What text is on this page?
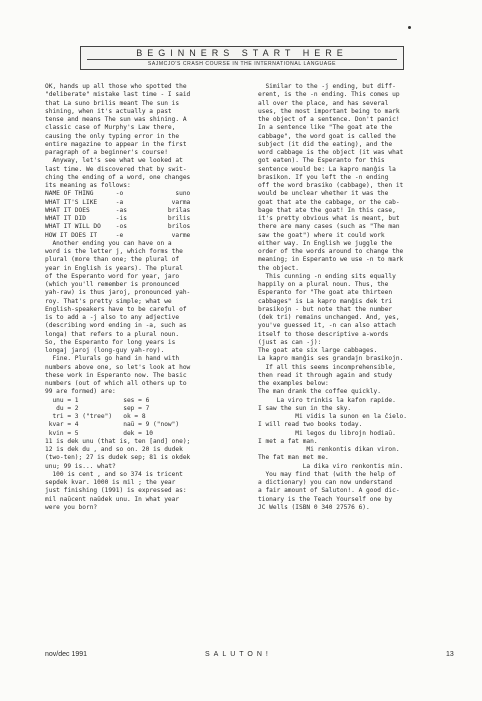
BEGINNERS START HERE
SAJMCJO'S CRASH COURSE IN THE INTERNATIONAL LANGUAGE
OK, hands up all those who spotted the
"deliberate" mistake last time - I said
that La suno brilis meant The sun is
shining, when it's actually a past
tense and means The sun was shining. A
classic case of Murphy's Law there,
causing the only typing error in the
entire magazine to appear in the first
paragraph of a beginner's course!
Anyway, let's see what we looked at
last time. We discovered that by swit-
ching the ending of a word, one changes
its meaning as follows:
NAME OF THING      -o              suno
WHAT IT'S LIKE     -a             varma
WHAT IT DOES       -as           brilas
WHAT IT DID        -is           brilis
WHAT IT WILL DO    -os           brilos
HOW IT DOES IT     -e             varme
Another ending you can have on a
word is the letter j, which forms the
plural (more than one; the plural of
year in English is years). The plural
of the Esperanto word for year, jaro
(which you'll remember is pronounced
yah-raw) is thus jaroj, pronounced yah-
roy. That's pretty simple; what we
English-speakers have to be careful of
is to add a -j also to any adjective
(describing word ending in -a, such as
longa) that refers to a plural noun.
So, the Esperanto for long years is
longaj jaroj (long-guy yah-roy).
Fine. Plurals go hand in hand with
numbers above one, so let's look at how
these work in Esperanto now. The basic
numbers (out of which all others up to
99 are formed) are:
unu = 1            ses = 6
du = 2            sep = 7
tri = 3 ("tree")   ok = 8
kvar = 4            naŭ = 9 ("now")
kvin = 5            dek = 10
11 is dek unu (that is, ten [and] one);
12 is dek du , and so on. 20 is dudek
(two-ten); 27 is dudek sep; 81 is okdek
unu; 99 is... what?
100 is cent , and so 374 is tricent
sepdek kvar. 1000 is mil ; the year
just finishing (1991) is expressed as:
mil naŭcent naŭdek unu. In what year
were you born?
Similar to the -j ending, but diff-
erent, is the -n ending. This comes up
all over the place, and has several
uses, the most important being to mark
the object of a sentence. Don't panic!
In a sentence like "The goat ate the
cabbage", the word goat is called the
subject (it did the eating), and the
word cabbage is the object (it was what
got eaten). The Esperanto for this
sentence would be: La kapro manĝis la
brasikon. If you left the -n ending
off the word brasiko (cabbage), then it
would be unclear whether it was the
goat that ate the cabbage, or the cab-
bage that ate the goat! In this case,
it's pretty obvious what is meant, but
there are many cases (such as "The man
saw the goat") where it could work
either way. In English we juggle the
order of the words around to change the
meaning; in Esperanto we use -n to mark
the object.
This cunning -n ending sits equally
happily on a plural noun. Thus, the
Esperanto for "The goat ate thirteen
cabbages" is La kapro manĝis dek tri
brasikojn - but note that the number
(dek tri) remains unchanged. And, yes,
you've guessed it, -n can also attach
itself to those descriptive a-words
(just as can -j):
The goat ate six large cabbages.
La kapro manĝis ses grandajn brasikojn.
If all this seems incomprehensible,
then read it through again and study
the examples below:
The man drank the coffee quickly.
La viro trinkis la kafon rapide.
I saw the sun in the sky.
Mi vidis la sunon en la ĉielo.
I will read two books today.
Mi legos du librojn hodiaŭ.
I met a fat man.
Mi renkontis dikan viron.
The fat man met me.
La dika viro renkontis min.
You may find that (with the help of
a dictionary) you can now understand
a fair amount of Saluton!. A good dic-
tionary is the Teach Yourself one by
JC Wells (ISBN 0 340 27576 6).
nov/dec 1991	SALUTON!	13
